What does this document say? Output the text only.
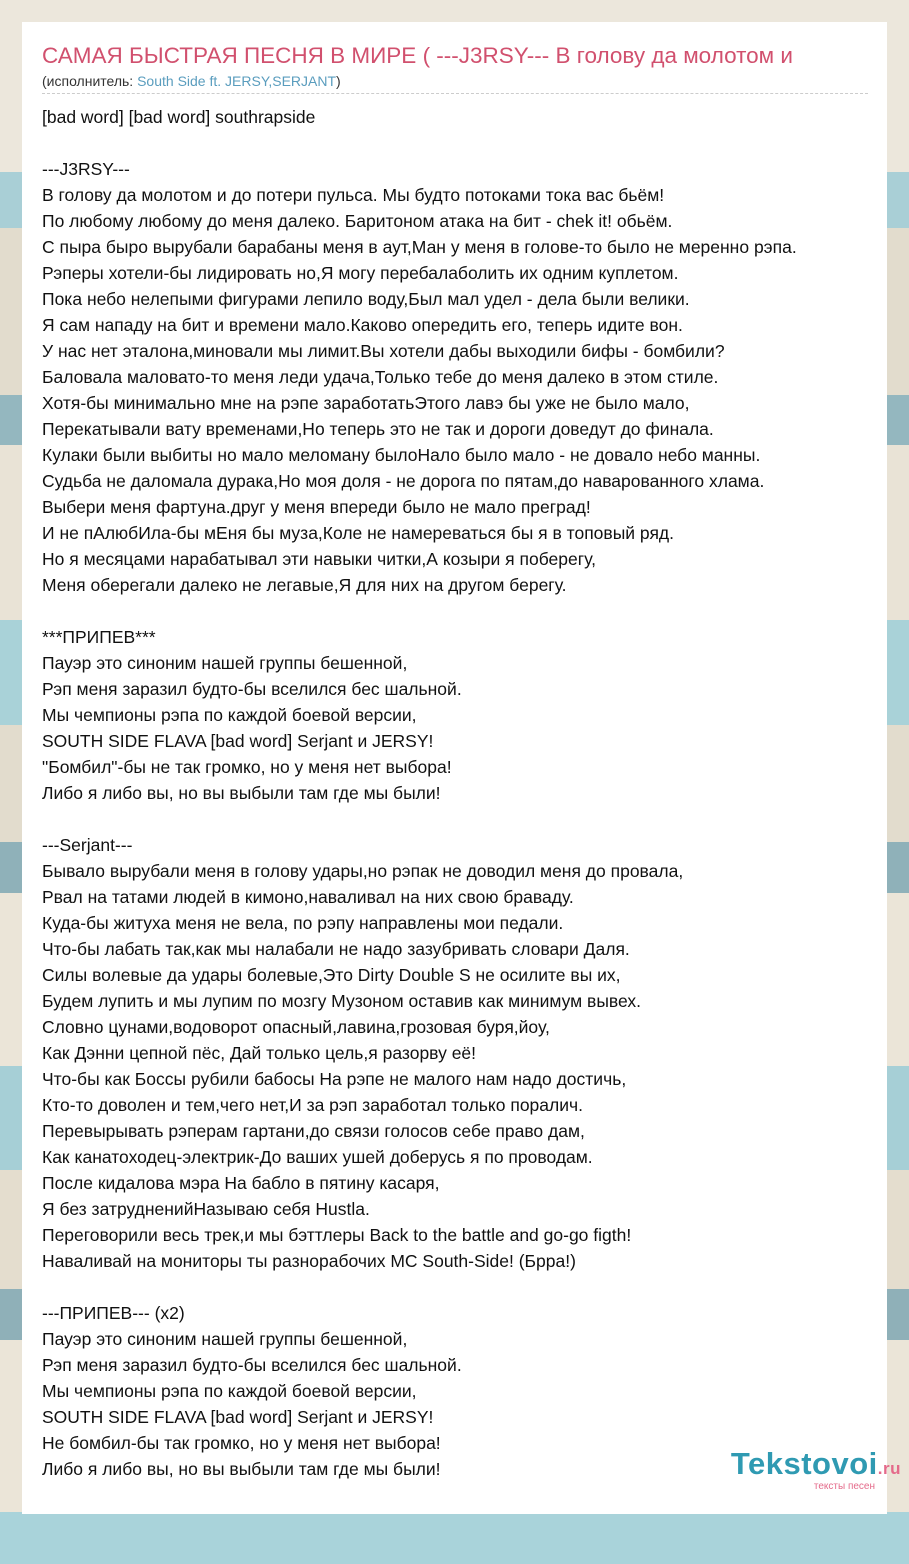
САМАЯ БЫСТРАЯ ПЕСНЯ В МИРЕ ( ---J3RSY--- В голову да молотом и
(исполнитель: South Side ft. JERSY,SERJANT)
[bad word] [bad word] southrapside
---J3RSY---
В голову да молотом и до потери пульса. Мы будто потоками тока вас бьём!
По любому любому до меня далеко. Баритоном атака на бит - chek it! обьём.
С пыра быро вырубали барабаны меня в аут,Ман у меня в голове-то было не меренно рэпа.
Рэперы хотели-бы лидировать но,Я могу перебалаболить их одним куплетом.
Пока небо нелепыми фигурами лепило воду,Был мал удел - дела были велики.
Я сам нападу на бит и времени мало.Каково опередить его, теперь идите вон.
У нас нет эталона,миновали мы лимит.Вы хотели дабы выходили бифы - бомбили?
Баловала маловато-то меня леди удача,Только тебе до меня далеко в этом стиле.
Хотя-бы минимально мне на рэпе заработатьЭтого лавэ бы уже не было мало,
Перекатывали вату временами,Но теперь это не так и дороги доведут до финала.
Кулаки были выбиты но мало меломану былоНало было мало - не довало небо манны.
Судьба не даломала дурака,Но моя доля - не дорога по пятам,до наварованного хлама.
Выбери меня фартуна.друг у меня впереди было не мало преград!
И не пАлюбИла-бы мЕня бы муза,Коле не намереваться бы я в топовый ряд.
Но я месяцами нарабатывал эти навыки читки,А козыри я поберегу,
Меня оберегали далеко не легавые,Я для них на другом берегу.
***ПРИПЕВ***
Пауэр это синоним нашей группы бешенной,
Рэп меня заразил будто-бы вселился бес шальной.
Мы чемпионы рэпа по каждой боевой версии,
SOUTH SIDE FLAVA [bad word] Serjant и JERSY!
"Бомбил"-бы не так громко, но у меня нет выбора!
Либо я либо вы, но вы выбыли там где мы были!
---Serjant---
Бывало вырубали меня в голову удары,но рэпак не доводил меня до провала,
Рвал на татами людей в кимоно,наваливал на них свою браваду.
Куда-бы житуха меня не вела, по рэпу направлены мои педали.
Что-бы лабать так,как мы налабали не надо зазубривать словари Даля.
Силы волевые да удары болевые,Это Dirty Double S не осилите вы их,
Будем лупить и мы лупим по мозгу Музоном оставив как минимум вывех.
Словно цунами,водоворот опасный,лавина,грозовая буря,йоу,
Как Дэнни цепной пёс, Дай только цель,я разорву её!
Что-бы как Боссы рубили бабосы На рэпе не малого нам надо достичь,
Кто-то доволен и тем,чего нет,И за рэп заработал только поралич.
Перевырывать рэперам гартани,до связи голосов себе право дам,
Как канатоходец-электрик-До ваших ушей доберусь я по проводам.
После кидалова мэра На бабло в пятину касаря,
Я без затрудненийНазываю себя Hustla.
Переговорили весь трек,и мы бэттлеры Back to the battle and go-go figth!
Наваливай на мониторы ты разнорабочих MC South-Side! (Брра!)
---ПРИПЕВ--- (x2)
Пауэр это синоним нашей группы бешенной,
Рэп меня заразил будто-бы вселился бес шальной.
Мы чемпионы рэпа по каждой боевой версии,
SOUTH SIDE FLAVA [bad word] Serjant и JERSY!
Не бомбил-бы так громко, но у меня нет выбора!
Либо я либо вы, но вы выбыли там где мы были!	Tekstovoi.ru
тексты песен
